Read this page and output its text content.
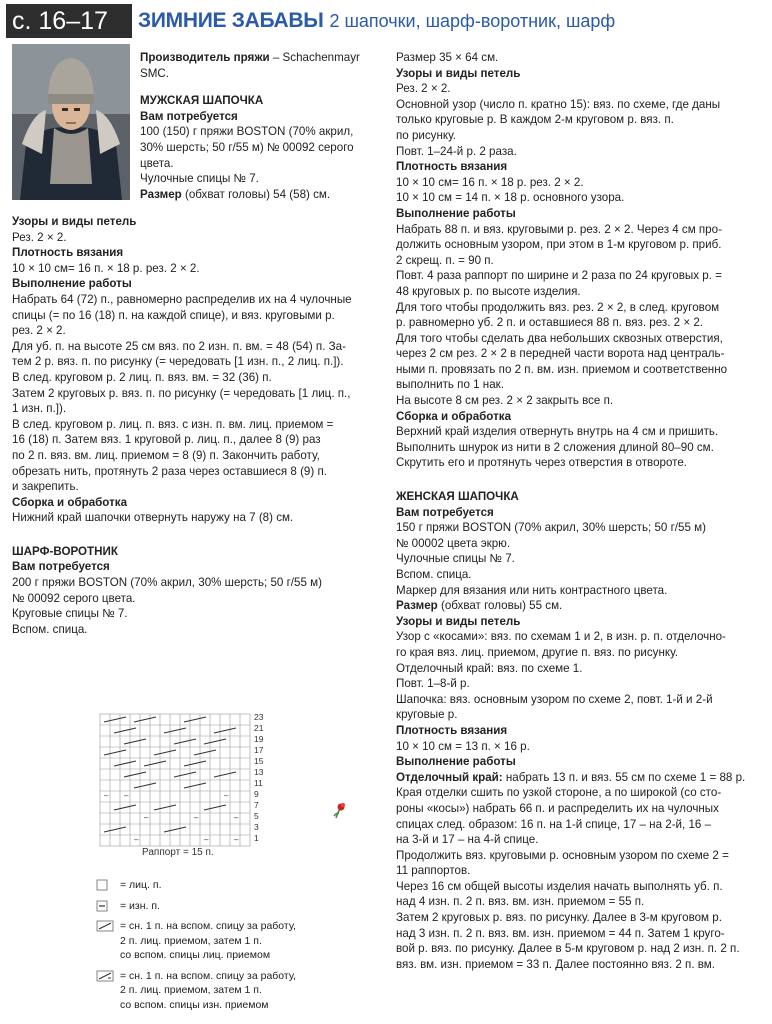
с. 16–17	ЗИМНИЕ ЗАБАВЫ 2 шапочки, шарф-воротник, шарф

Производитель пряжи – Schachenmayr SMC.

МУЖСКАЯ ШАПОЧКА

Вам потребуется

100 (150) г пряжи BOSTON (70% акрил,

30% шерсть; 50 г/55 м) № 00092 серого

цвета.

Чулочные спицы № 7.

Размер (обхват головы) 54 (58) см.

Узоры и виды петель

Рез. 2 × 2.

Плотность вязания

10 × 10 см= 16 п. × 18 р. рез. 2 × 2.

Выполнение работы

Набрать 64 (72) п., равномерно распределив их на 4 чулочные

спицы (= по 16 (18) п. на каждой спице), и вяз. круговыми р.

рез. 2 × 2.

Для уб. п. на высоте 25 см вяз. по 2 изн. п. вм. = 48 (54) п. За-

тем 2 р. вяз. п. по рисунку (= чередовать [1 изн. п., 2 лиц. п.]).

В след. круговом р. 2 лиц. п. вяз. вм. = 32 (36) п.

Затем 2 круговых р. вяз. п. по рисунку (= чередовать [1 лиц. п.,

1 изн. п.]).

В след. круговом р. лиц. п. вяз. с изн. п. вм. лиц. приемом =

16 (18) п. Затем вяз. 1 круговой р. лиц. п., далее 8 (9) раз

по 2 п. вяз. вм. лиц. приемом = 8 (9) п. Закончить работу,

обрезать нить, протянуть 2 раза через оставшиеся 8 (9) п.

и закрепить.

Сборка и обработка

Нижний край шапочки отвернуть наружу на 7 (8) см.

ШАРФ-ВОРОТНИК

Вам потребуется

200 г пряжи BOSTON (70% акрил, 30% шерсть; 50 г/55 м)

№ 00092 серого цвета.

Круговые спицы № 7.

Вспом. спица.

– –	–
–	–	–
–	–	–
23
21
19
17
15
13
11
9
7
5
3
1
Раппорт = 15 п.
= лиц. п.
= изн. п.
= сн. 1 п. на вспом. спицу за работу,
2 п. лиц. приемом, затем 1 п.
со вспом. спицы лиц. приемом
= сн. 1 п. на вспом. спицу за работу,
2 п. лиц. приемом, затем 1 п.
со вспом. спицы изн. приемом

Размер 35 × 64 см.

Узоры и виды петель

Рез. 2 × 2.

Основной узор (число п. кратно 15): вяз. по схеме, где даны

только круговые р. В каждом 2-м круговом р. вяз. п.

по рисунку.

Повт. 1–24-й р. 2 раза.

Плотность вязания

10 × 10 см= 16 п. × 18 р. рез. 2 × 2.

10 × 10 см = 14 п. × 18 р. основного узора.

Выполнение работы

Набрать 88 п. и вяз. круговыми р. рез. 2 × 2. Через 4 см про-

должить основным узором, при этом в 1-м круговом р. приб.

2 скрещ. п. = 90 п.

Повт. 4 раза раппорт по ширине и 2 раза по 24 круговых р. =

48 круговых р. по высоте изделия.

Для того чтобы продолжить вяз. рез. 2 × 2, в след. круговом

р. равномерно уб. 2 п. и оставшиеся 88 п. вяз. рез. 2 × 2.

Для того чтобы сделать два небольших сквозных отверстия,

через 2 см рез. 2 × 2 в передней части ворота над централь-

ными п. провязать по 2 п. вм. изн. приемом и соответственно

выполнить по 1 нак.

На высоте 8 см рез. 2 × 2 закрыть все п.

Сборка и обработка

Верхний край изделия отвернуть внутрь на 4 см и пришить.

Выполнить шнурок из нити в 2 сложения длиной 80–90 см.

Скрутить его и протянуть через отверстия в отвороте.

ЖЕНСКАЯ ШАПОЧКА

Вам потребуется

150 г пряжи BOSTON (70% акрил, 30% шерсть; 50 г/55 м)

№ 00002 цвета экрю.

Чулочные спицы № 7.

Вспом. спица.

Маркер для вязания или нить контрастного цвета.

Размер (обхват головы) 55 см.

Узоры и виды петель

Узор с «косами»: вяз. по схемам 1 и 2, в изн. р. п. отделочно-

го края вяз. лиц. приемом, другие п. вяз. по рисунку.

Отделочный край: вяз. по схеме 1.

Повт. 1–8-й р.

Шапочка: вяз. основным узором по схеме 2, повт. 1-й и 2-й

круговые р.

Плотность вязания

10 × 10 см = 13 п. × 16 р.

Выполнение работы

Отделочный край: набрать 13 п. и вяз. 55 см по схеме 1 = 88 р.

Края отделки сшить по узкой стороне, а по широкой (со сто-

роны «косы») набрать 66 п. и распределить их на чулочных

спицах след. образом: 16 п. на 1-й спице, 17 – на 2-й, 16 –

на 3-й и 17 – на 4-й спице.

Продолжить вяз. круговыми р. основным узором по схеме 2 =

11 раппортов.

Через 16 см общей высоты изделия начать выполнять уб. п.

над 4 изн. п. 2 п. вяз. вм. изн. приемом = 55 п.

Затем 2 круговых р. вяз. по рисунку. Далее в 3-м круговом р.

над 3 изн. п. 2 п. вяз. вм. изн. приемом = 44 п. Затем 1 круго-

вой р. вяз. по рисунку. Далее в 5-м круговом р. над 2 изн. п. 2 п.

вяз. вм. изн. приемом = 33 п. Далее постоянно вяз. 2 п. вм.
